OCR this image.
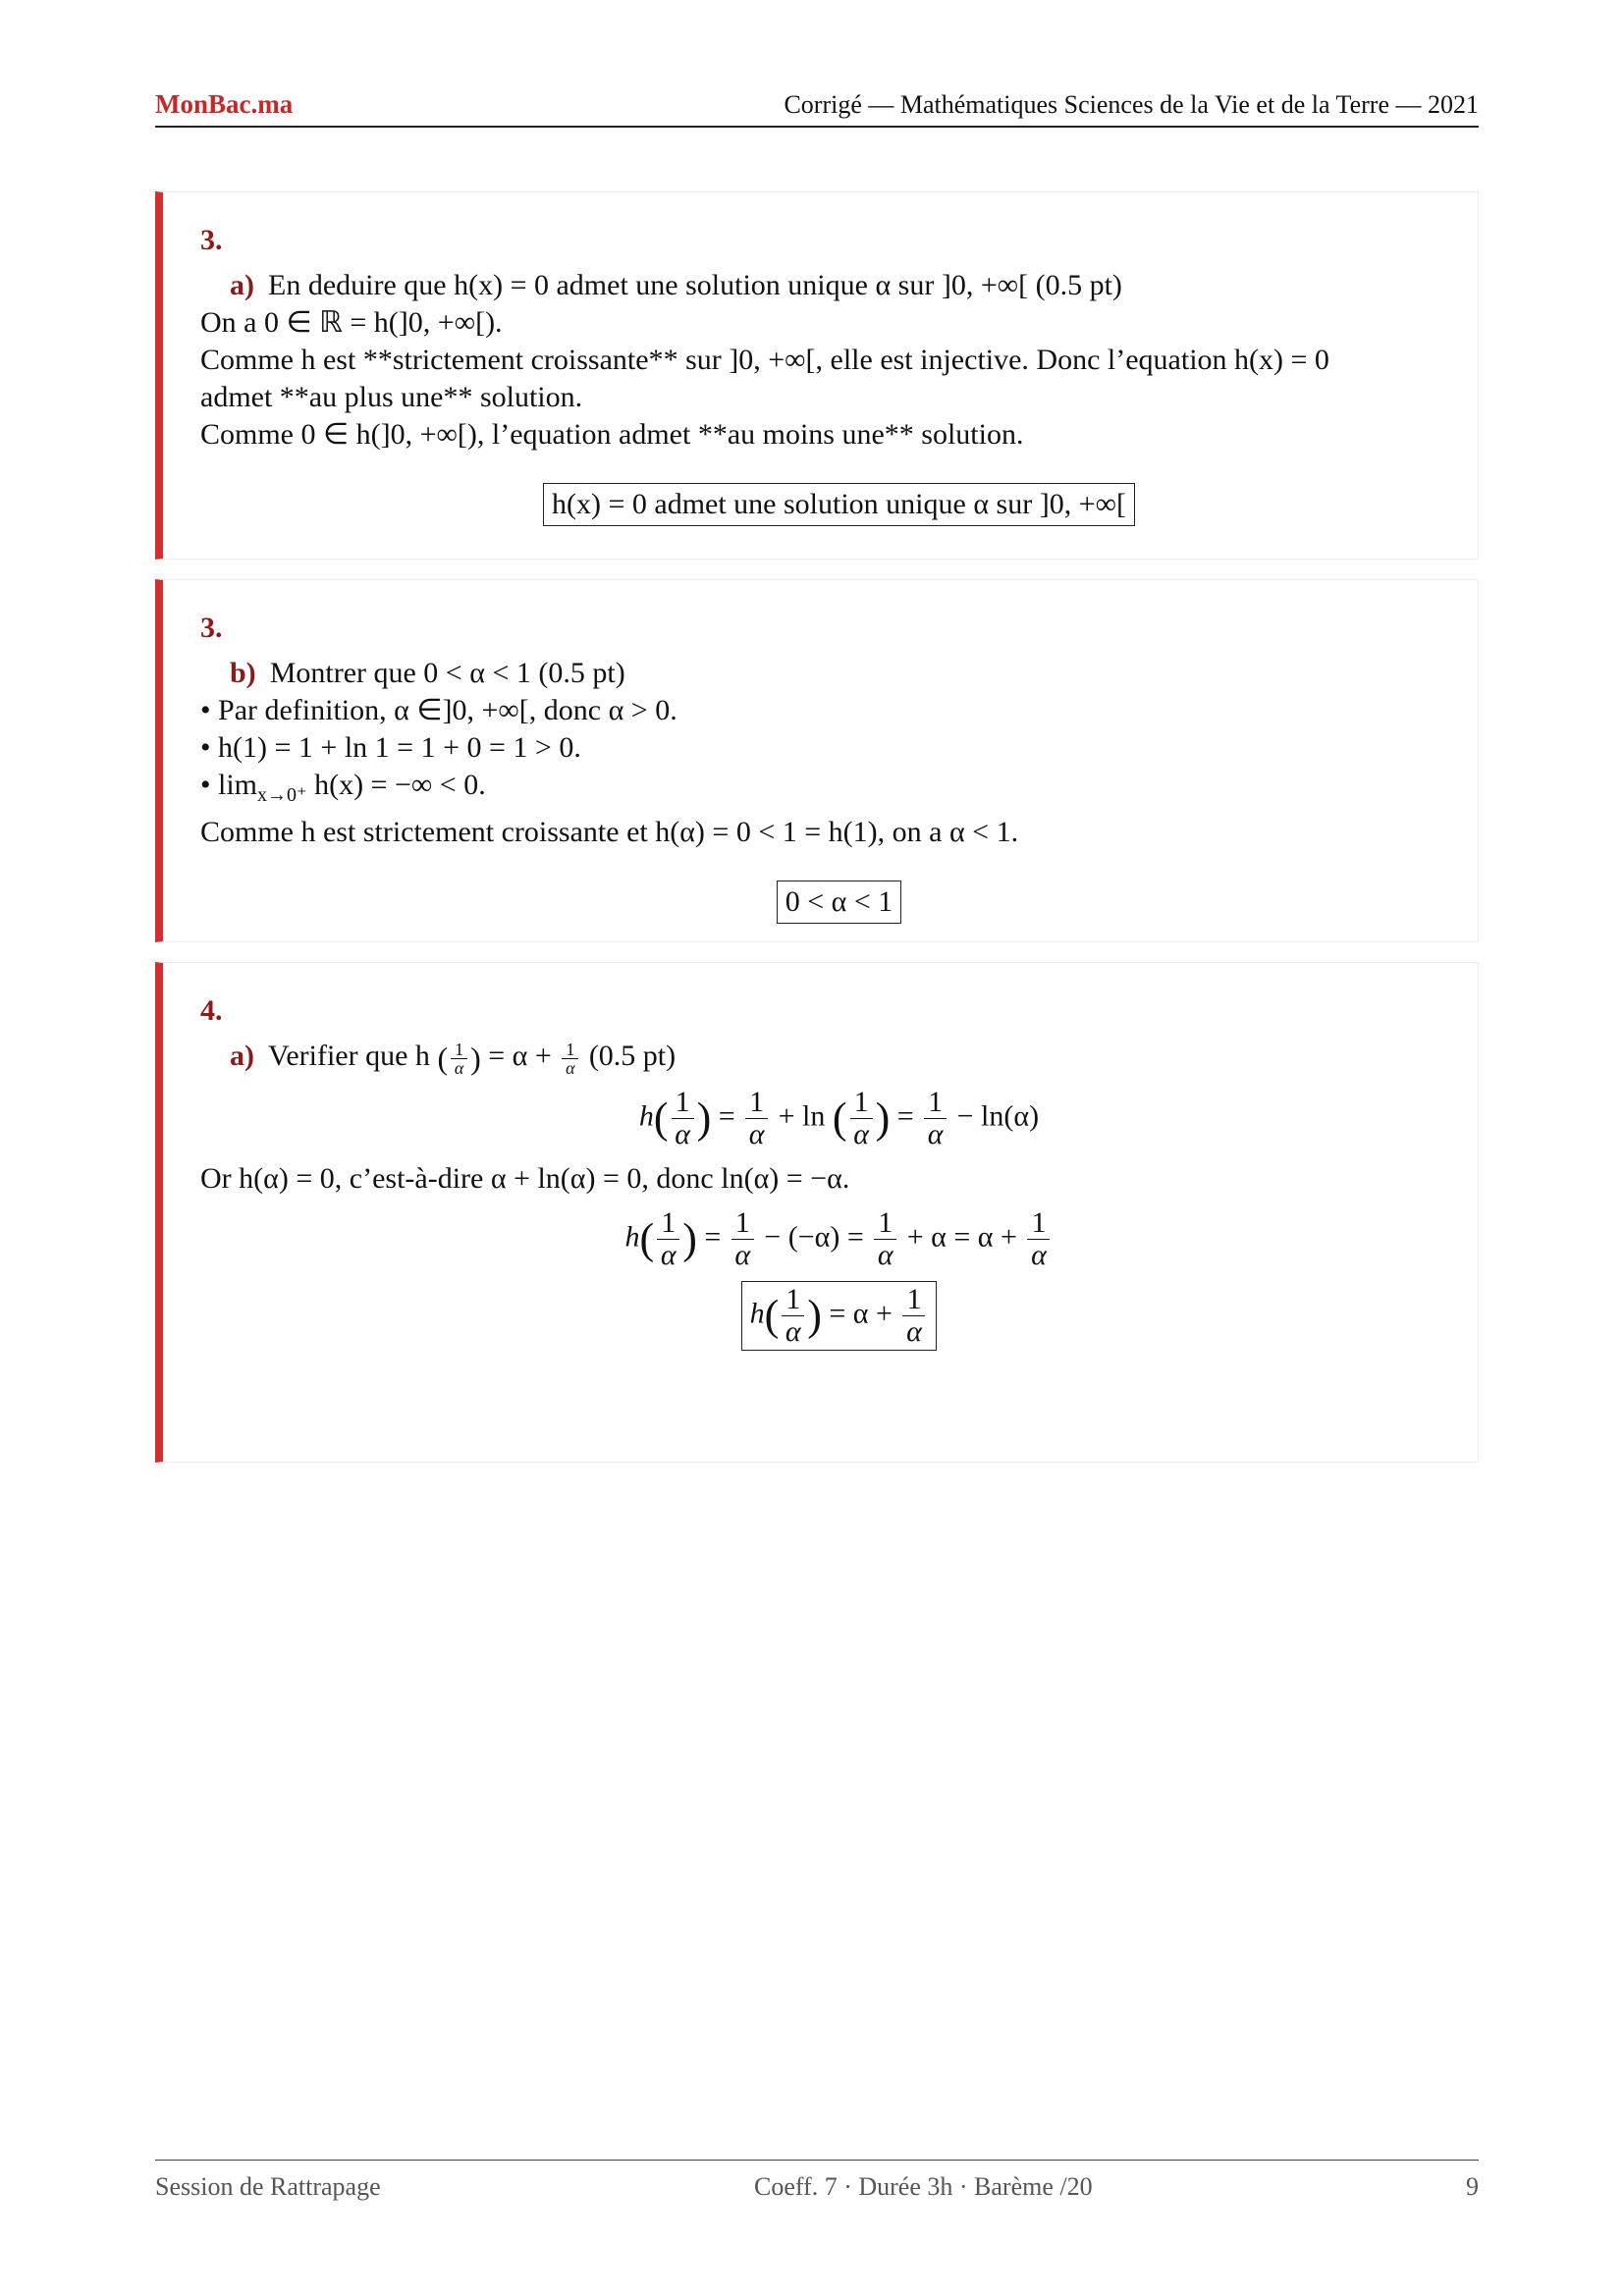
MonBac.ma	Corrigé — Mathématiques Sciences de la Vie et de la Terre — 2021
3.
a) En deduire que h(x) = 0 admet une solution unique α sur ]0, +∞[ (0.5 pt)
On a 0 ∈ ℝ = h(]0, +∞[).
Comme h est **strictement croissante** sur ]0, +∞[, elle est injective. Donc l’equation h(x) = 0
admet **au plus une** solution.
Comme 0 ∈ h(]0, +∞[), l’equation admet **au moins une** solution.
h(x) = 0 admet une solution unique α sur ]0, +∞[
3.
b) Montrer que 0 < α < 1 (0.5 pt)
• Par definition, α ∈]0, +∞[, donc α > 0.
• h(1) = 1 + ln 1 = 1 + 0 = 1 > 0.
• $\lim_{x\to 0^+} h(x)$ = −∞ < 0.
Comme h est strictement croissante et h(α) = 0 < 1 = h(1), on a α < 1.
0 < α < 1
4.
a) Verifier que h ( $\frac{1}{\alpha}$ ) = $\alpha + \frac{1}{\alpha} (0.5$ pt)
$h( \frac{1}{\alpha}$ ) = $\frac{1}{\alpha} + \ln$ ( $\frac{1}{\alpha}$ ) = $\frac{1}{\alpha} - \ln(\alpha)$
Or h(α) = 0, c’est-à-dire α + ln(α) = 0, donc ln(α) = −α.
$h( \frac{1}{\alpha}$ ) = $\frac{1}{\alpha} - (-\alpha) = \frac{1}{\alpha} + \alpha = \alpha + \frac{1}{\alpha}$
$h( \frac{1}{\alpha}$ ) = $\alpha + \frac{1}{\alpha}$
Session de Rattrapage	Coeff. 7 · Durée 3h · Barème /20	9
